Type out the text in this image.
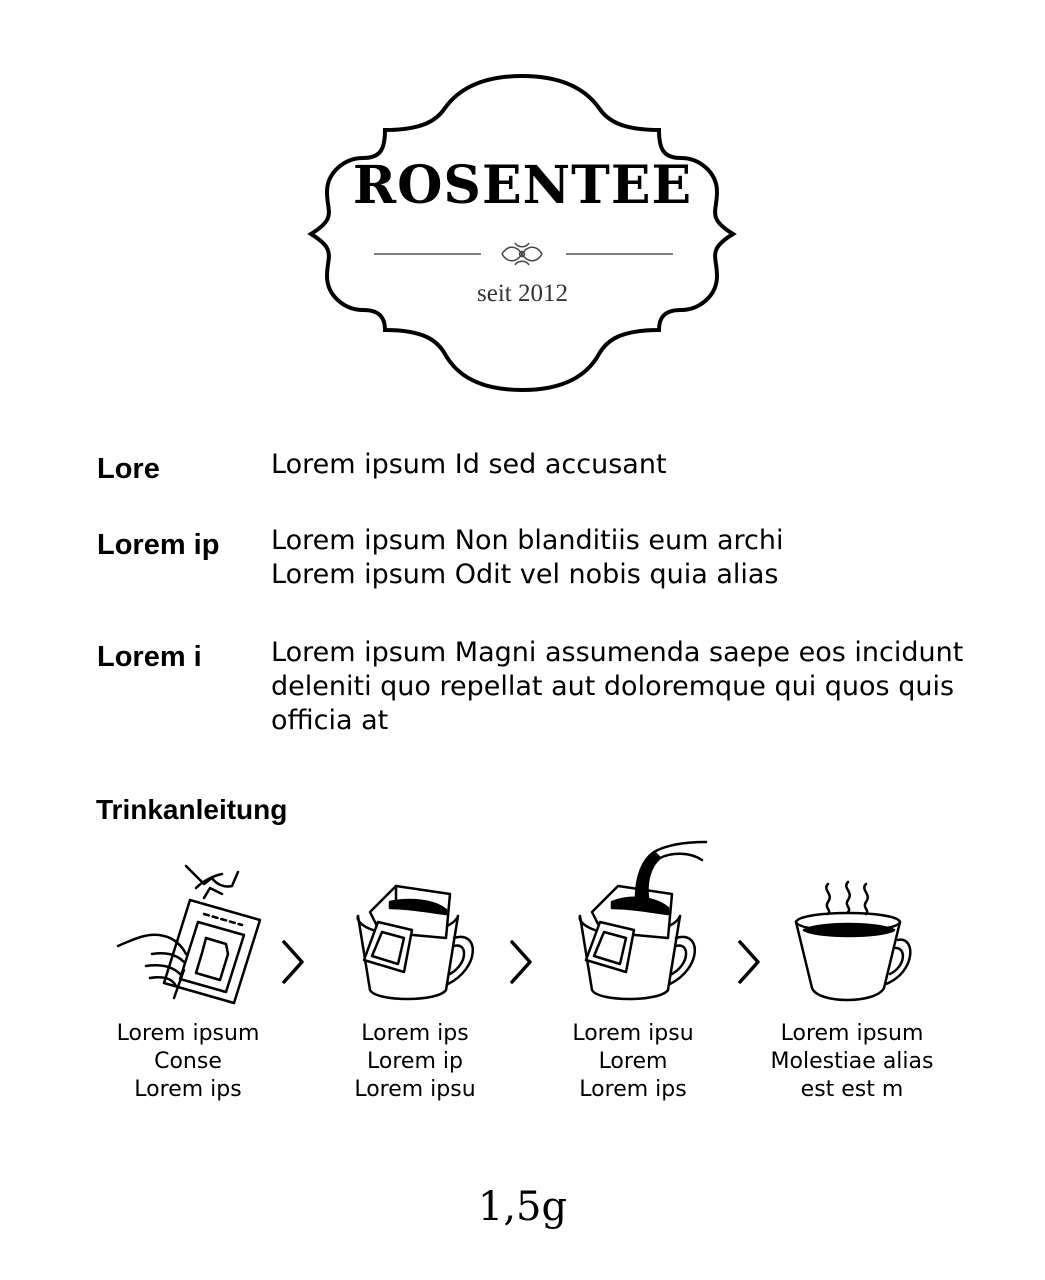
ROSENTEE
seit 2012
Lore	Lorem ipsum Id sed accusant
Lorem ip	Lorem ipsum Non blanditiis eum archi
Lorem ipsum Odit vel nobis quia alias
Lorem i	Lorem ipsum Magni assumenda saepe eos incidunt
deleniti quo repellat aut doloremque qui quos quis
officia at
Trinkanleitung
Lorem ipsum
Conse
Lorem ips
Lorem ips
Lorem ip
Lorem ipsu
Lorem ipsu
Lorem
Lorem ips
Lorem ipsum
Molestiae alias
est est m
1,5g
